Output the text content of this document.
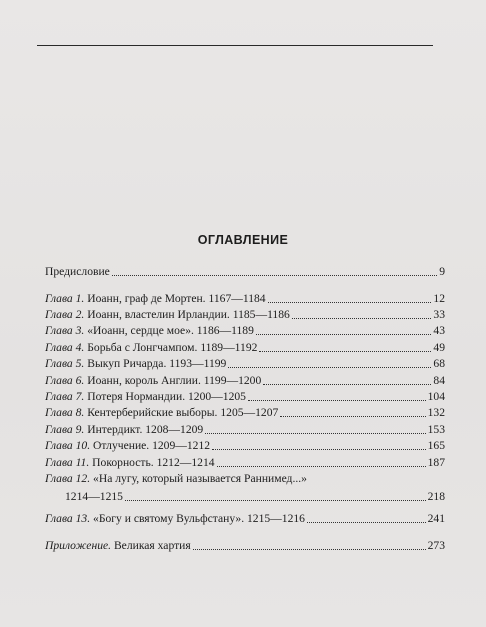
ОГЛАВЛЕНИЕ
Предисловие	9
Глава 1. Иоанн, граф де Мортен. 1167—1184	12
Глава 2. Иоанн, властелин Ирландии. 1185—1186	33
Глава 3. «Иоанн, сердце мое». 1186—1189	43
Глава 4. Борьба с Лонгчампом. 1189—1192	49
Глава 5. Выкуп Ричарда. 1193—1199	68
Глава 6. Иоанн, король Англии. 1199—1200	84
Глава 7. Потеря Нормандии. 1200—1205	104
Глава 8. Кентерберийские выборы. 1205—1207	132
Глава 9. Интердикт. 1208—1209	153
Глава 10. Отлучение. 1209—1212	165
Глава 11. Покорность. 1212—1214	187
Глава 12. «На лугу, который называется Раннимед...»
1214—1215	218
Глава 13. «Богу и святому Вульфстану». 1215—1216	241
Приложение. Великая хартия	273
